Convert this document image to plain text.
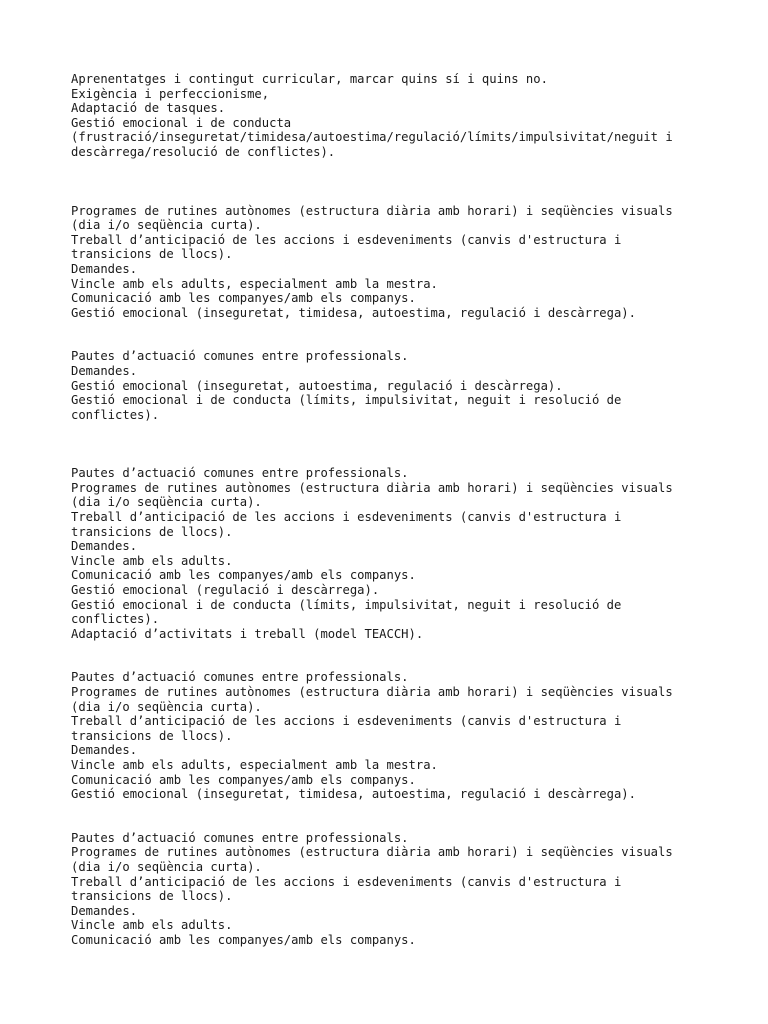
Aprenentatges i contingut curricular, marcar quins sí i quins no.
Exigència i perfeccionisme,
Adaptació de tasques.
Gestió emocional i de conducta
(frustració/inseguretat/timidesa/autoestima/regulació/límits/impulsivitat/neguit i
descàrrega/resolució de conflictes).
Programes de rutines autònomes (estructura diària amb horari) i seqüències visuals
(dia i/o seqüència curta).
Treball d’anticipació de les accions i esdeveniments (canvis d'estructura i
transicions de llocs).
Demandes.
Vincle amb els adults, especialment amb la mestra.
Comunicació amb les companyes/amb els companys.
Gestió emocional (inseguretat, timidesa, autoestima, regulació i descàrrega).
Pautes d’actuació comunes entre professionals.
Demandes.
Gestió emocional (inseguretat, autoestima, regulació i descàrrega).
Gestió emocional i de conducta (límits, impulsivitat, neguit i resolució de
conflictes).
Pautes d’actuació comunes entre professionals.
Programes de rutines autònomes (estructura diària amb horari) i seqüències visuals
(dia i/o seqüència curta).
Treball d’anticipació de les accions i esdeveniments (canvis d'estructura i
transicions de llocs).
Demandes.
Vincle amb els adults.
Comunicació amb les companyes/amb els companys.
Gestió emocional (regulació i descàrrega).
Gestió emocional i de conducta (límits, impulsivitat, neguit i resolució de
conflictes).
Adaptació d’activitats i treball (model TEACCH).
Pautes d’actuació comunes entre professionals.
Programes de rutines autònomes (estructura diària amb horari) i seqüències visuals
(dia i/o seqüència curta).
Treball d’anticipació de les accions i esdeveniments (canvis d'estructura i
transicions de llocs).
Demandes.
Vincle amb els adults, especialment amb la mestra.
Comunicació amb les companyes/amb els companys.
Gestió emocional (inseguretat, timidesa, autoestima, regulació i descàrrega).
Pautes d’actuació comunes entre professionals.
Programes de rutines autònomes (estructura diària amb horari) i seqüències visuals
(dia i/o seqüència curta).
Treball d’anticipació de les accions i esdeveniments (canvis d'estructura i
transicions de llocs).
Demandes.
Vincle amb els adults.
Comunicació amb les companyes/amb els companys.
